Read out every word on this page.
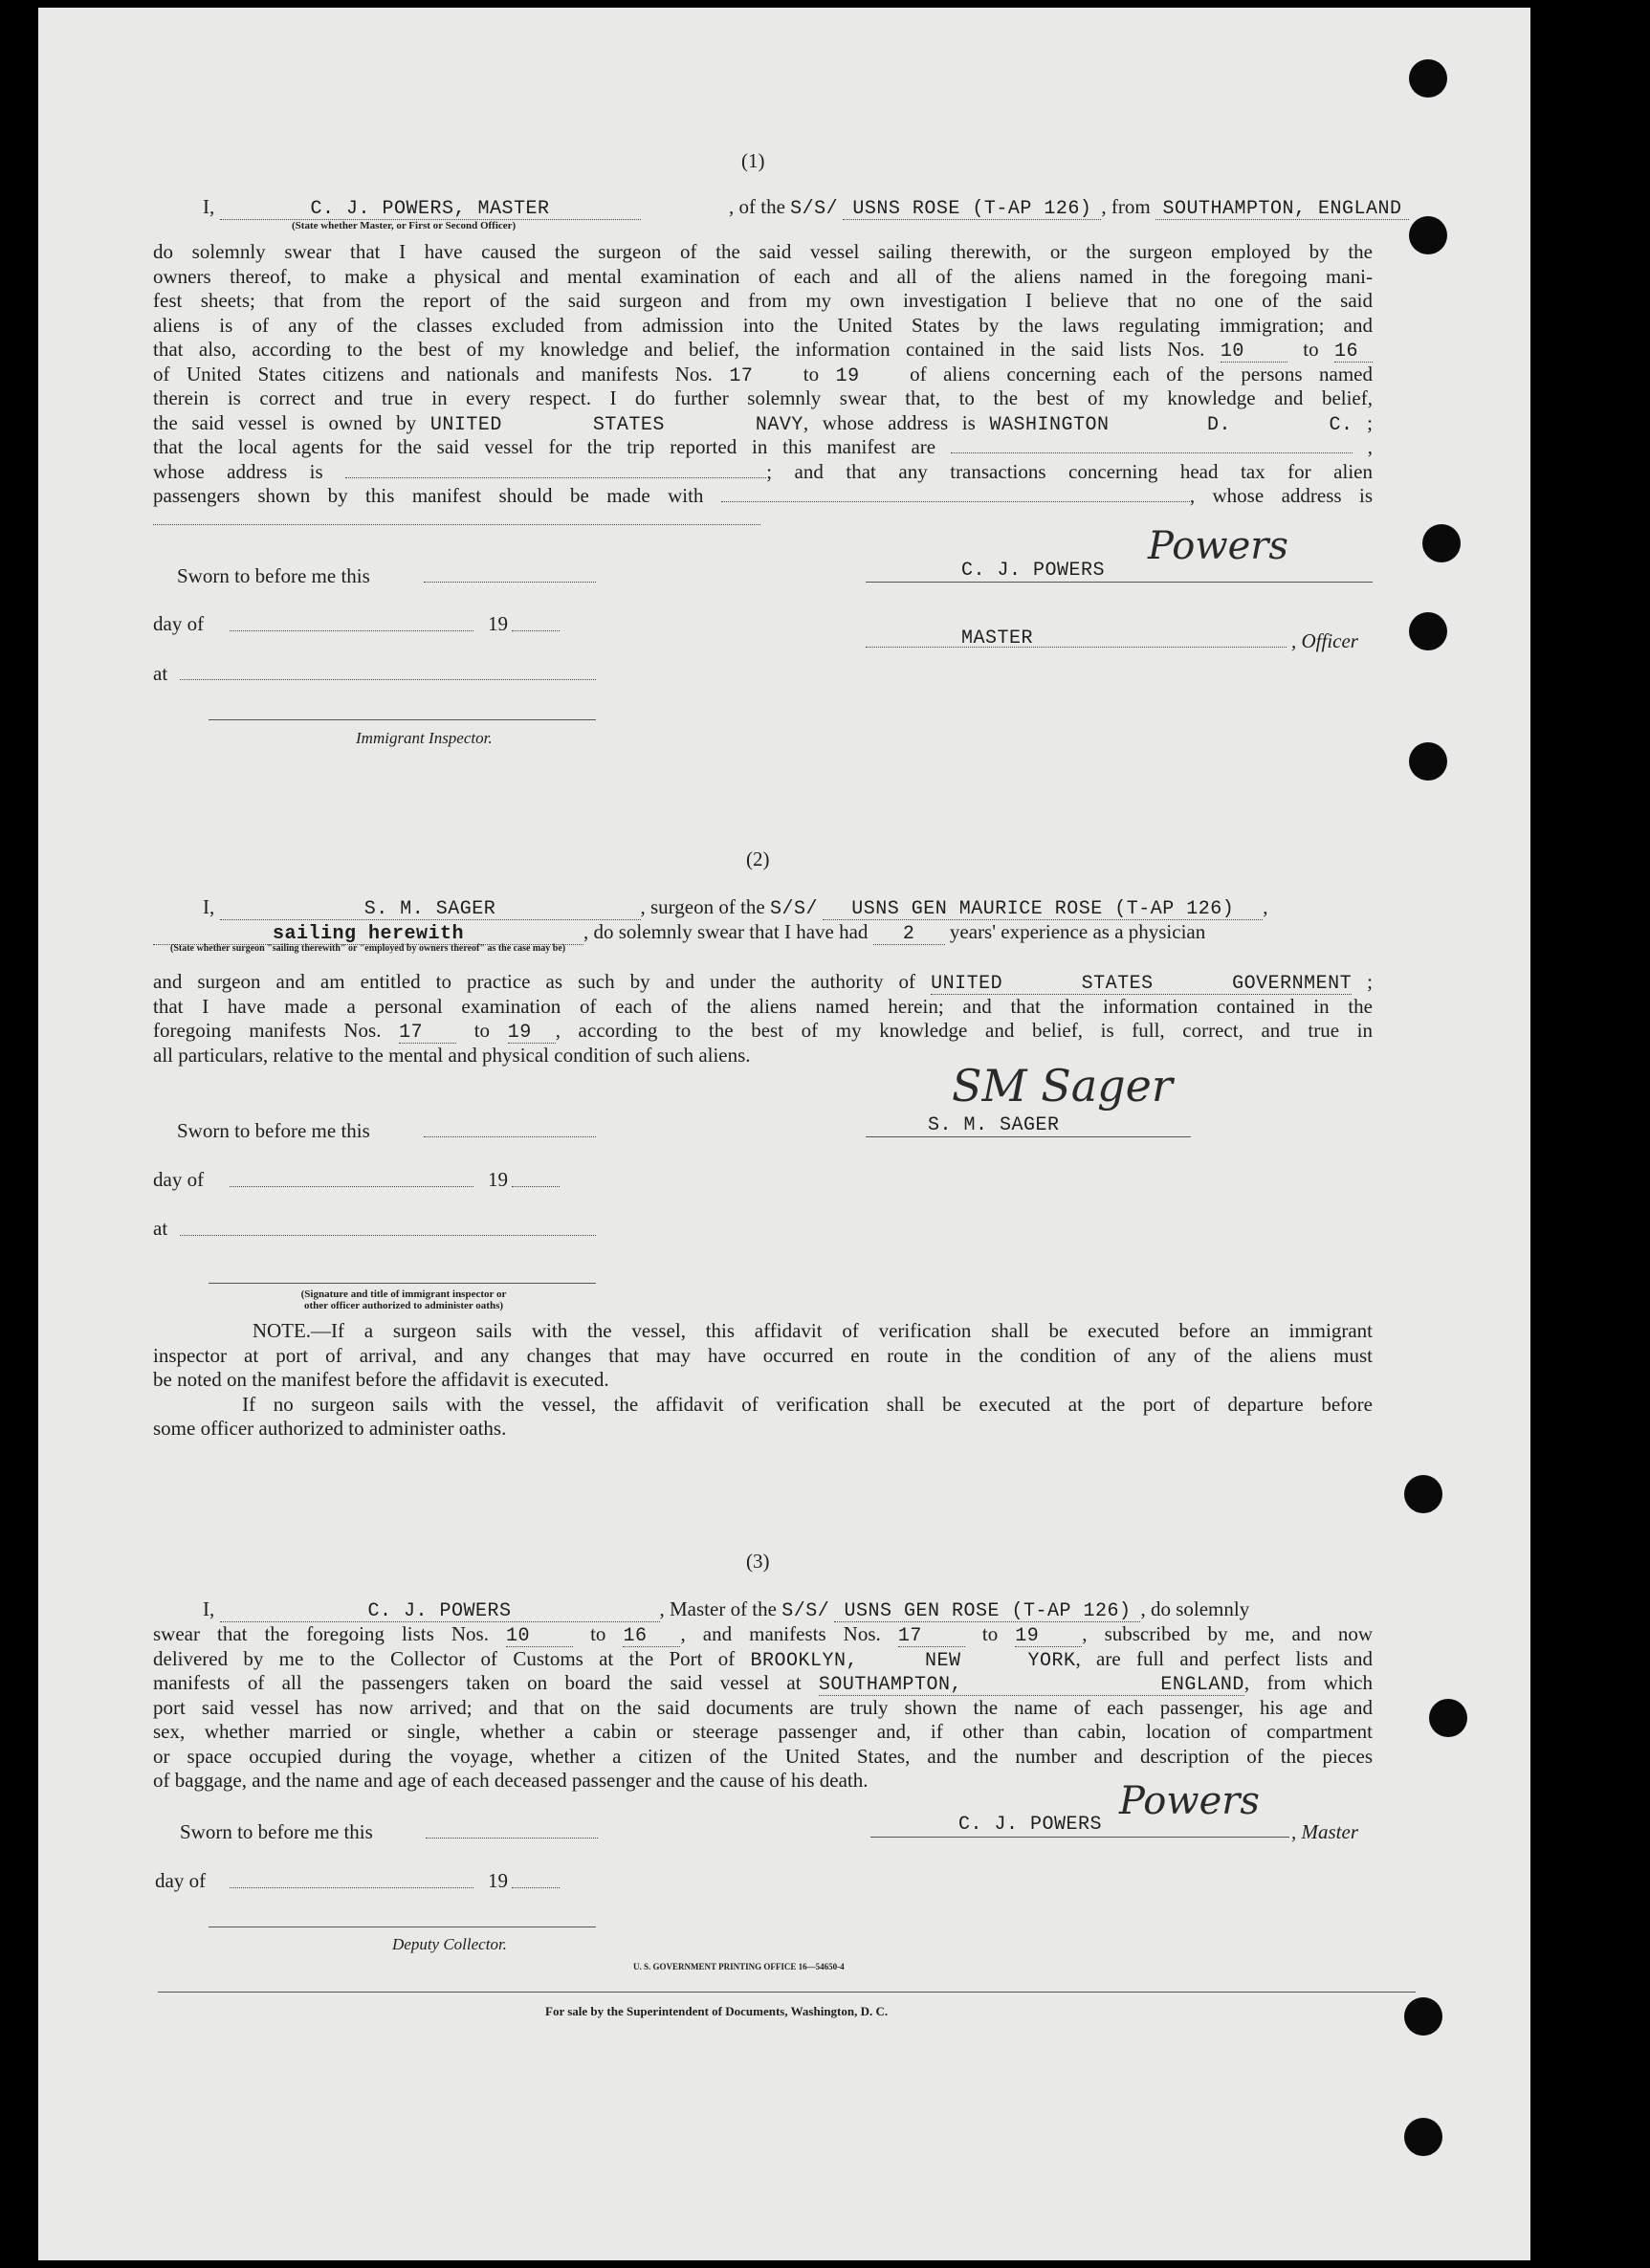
(1)
I,	C. J. POWERS, MASTER
(State whether Master, or First or Second Officer)
, of the S/S/ USNS ROSE (T-AP 126) , from SOUTHAMPTON, ENGLAND
do solemnly swear that I have caused the surgeon of the said vessel sailing therewith, or the surgeon employed by the
owners thereof, to make a physical and mental examination of each and all of the aliens named in the foregoing mani-
fest sheets; that from the report of the said surgeon and from my own investigation I believe that no one of the said
aliens is of any of the classes excluded from admission into the United States by the laws regulating immigration; and
that also, according to the best of my knowledge and belief, the information contained in the said lists Nos. 10 to 16
of United States citizens and nationals and manifests Nos. 17 to 19 of aliens concerning each of the persons named
therein is correct and true in every respect. I do further solemnly swear that, to the best of my knowledge and belief,
the said vessel is owned by UNITED STATES NAVY, whose address is WASHINGTON D. C. ;
that the local agents for the said vessel for the trip reported in this manifest are	,
whose address is	; and that any transactions concerning head tax for alien
passengers shown by this manifest should be made with	, whose address is
Sworn to before me this
day of	19
at
Immigrant Inspector.
C. J. POWERS
Powers
MASTER	, Officer
(2)
I,	S. M. SAGER	, surgeon of the S/S/ USNS GEN MAURICE ROSE (T-AP 126) ,
sailing herewith	, do solemnly swear that I have had 2 years' experience as a physician
(State whether surgeon "sailing therewith" or "employed by owners thereof" as the case may be)
and surgeon and am entitled to practice as such by and under the authority of UNITED STATES GOVERNMENT ;
that I have made a personal examination of each of the aliens named herein; and that the information contained in the
foregoing manifests Nos. 17 to 19 , according to the best of my knowledge and belief, is full, correct, and true in
all particulars, relative to the mental and physical condition of such aliens.
Sworn to before me this
day of	19
at
(Signature and title of immigrant inspector or
other officer authorized to administer oaths)
SM Sager
S. M. SAGER
NOTE.—If a surgeon sails with the vessel, this affidavit of verification shall be executed before an immigrant
inspector at port of arrival, and any changes that may have occurred en route in the condition of any of the aliens must
be noted on the manifest before the affidavit is executed.
If no surgeon sails with the vessel, the affidavit of verification shall be executed at the port of departure before
some officer authorized to administer oaths.
(3)
I,	C. J. POWERS	, Master of the S/S/ USNS GEN ROSE (T-AP 126) , do solemnly
swear that the foregoing lists Nos. 10 to 16 , and manifests Nos. 17 to 19 , subscribed by me, and now
delivered by me to the Collector of Customs at the Port of BROOKLYN, NEW YORK, are full and perfect lists and
manifests of all the passengers taken on board the said vessel at SOUTHAMPTON, ENGLAND, from which
port said vessel has now arrived; and that on the said documents are truly shown the name of each passenger, his age and
sex, whether married or single, whether a cabin or steerage passenger and, if other than cabin, location of compartment
or space occupied during the voyage, whether a citizen of the United States, and the number and description of the pieces
of baggage, and the name and age of each deceased passenger and the cause of his death.
Sworn to before me this
day of	19
Deputy Collector.
C. J. POWERS
Powers
, Master
U. S. GOVERNMENT PRINTING OFFICE 16—54650-4
For sale by the Superintendent of Documents, Washington, D. C.
